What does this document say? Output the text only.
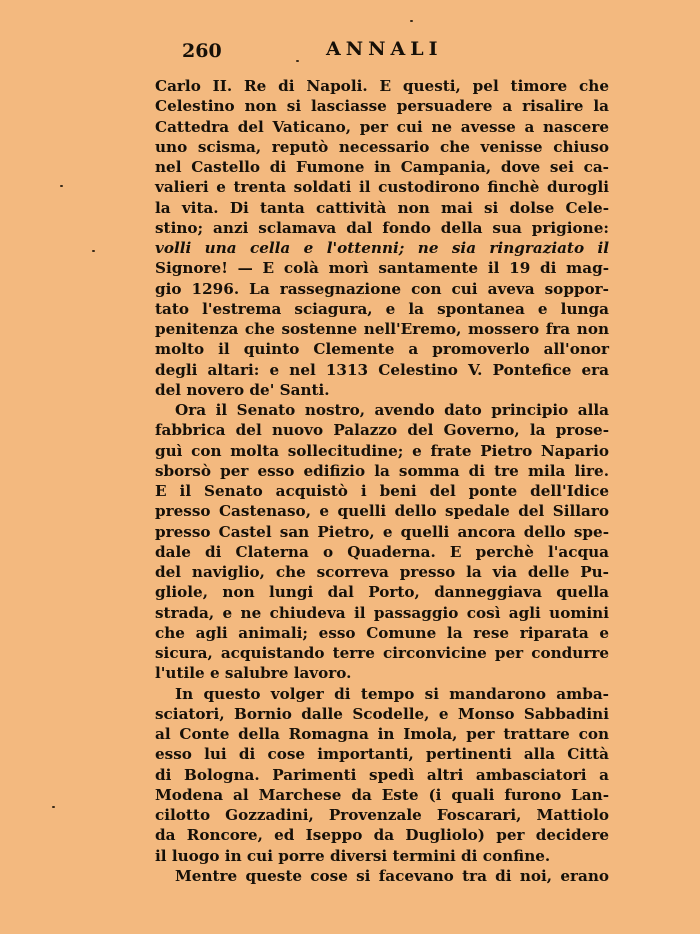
260	ANNALI
Carlo II. Re di Napoli. E questi, pel timore che
Celestino non si lasciasse persuadere a risalire la
Cattedra del Vaticano, per cui ne avesse a nascere
uno scisma, reputò necessario che venisse chiuso
nel Castello di Fumone in Campania, dove sei ca-
valieri e trenta soldati il custodirono finchè durogli
la vita. Di tanta cattività non mai si dolse Cele-
stino; anzi sclamava dal fondo della sua prigione:
volli una cella e l'ottenni; ne sia ringraziato il
Signore! — E colà morì santamente il 19 di mag-
gio 1296. La rassegnazione con cui aveva soppor-
tato l'estrema sciagura, e la spontanea e lunga
penitenza che sostenne nell'Eremo, mossero fra non
molto il quinto Clemente a promoverlo all'onor
degli altari: e nel 1313 Celestino V. Pontefice era
del novero de' Santi.
Ora il Senato nostro, avendo dato principio alla
fabbrica del nuovo Palazzo del Governo, la prose-
guì con molta sollecitudine; e frate Pietro Napario
sborsò per esso edifizio la somma di tre mila lire.
E il Senato acquistò i beni del ponte dell'Idice
presso Castenaso, e quelli dello spedale del Sillaro
presso Castel san Pietro, e quelli ancora dello spe-
dale di Claterna o Quaderna. E perchè l'acqua
del naviglio, che scorreva presso la via delle Pu-
gliole, non lungi dal Porto, danneggiava quella
strada, e ne chiudeva il passaggio così agli uomini
che agli animali; esso Comune la rese riparata e
sicura, acquistando terre circonvicine per condurre
l'utile e salubre lavoro.
In questo volger di tempo si mandarono amba-
sciatori, Bornio dalle Scodelle, e Monso Sabbadini
al Conte della Romagna in Imola, per trattare con
esso lui di cose importanti, pertinenti alla Città
di Bologna. Parimenti spedì altri ambasciatori a
Modena al Marchese da Este (i quali furono Lan-
cilotto Gozzadini, Provenzale Foscarari, Mattiolo
da Roncore, ed Iseppo da Dugliolo) per decidere
il luogo in cui porre diversi termini di confine.
Mentre queste cose si facevano tra di noi, erano
